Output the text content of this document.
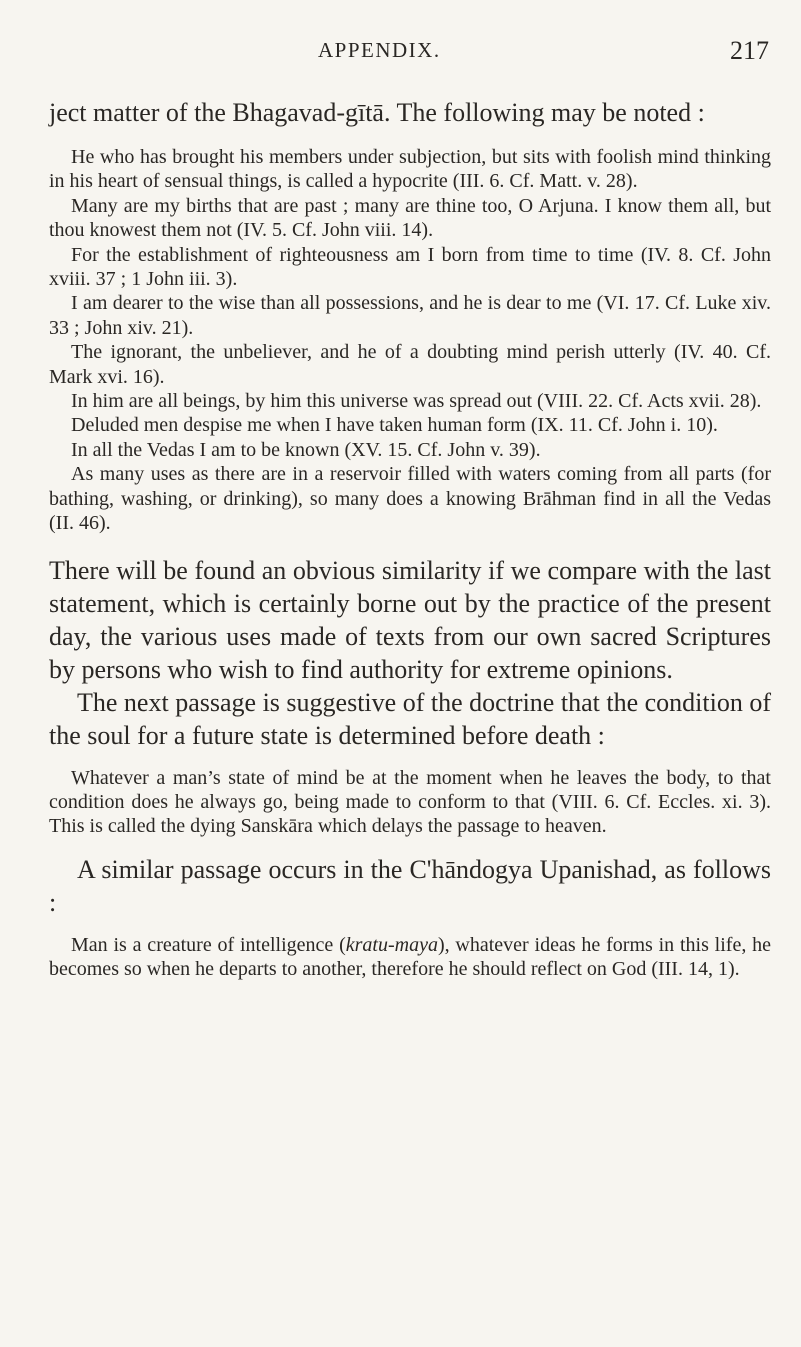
APPENDIX.	217

ject matter of the Bhagavad-gītā. The following may be noted :

He who has brought his members under subjection, but sits with foolish mind thinking in his heart of sensual things, is called a hypocrite (III. 6. Cf. Matt. v. 28).

Many are my births that are past ; many are thine too, O Arjuna. I know them all, but thou knowest them not (IV. 5. Cf. John viii. 14).

For the establishment of righteousness am I born from time to time (IV. 8. Cf. John xviii. 37 ; 1 John iii. 3).

I am dearer to the wise than all possessions, and he is dear to me (VI. 17. Cf. Luke xiv. 33 ; John xiv. 21).

The ignorant, the unbeliever, and he of a doubting mind perish utterly (IV. 40. Cf. Mark xvi. 16).

In him are all beings, by him this universe was spread out (VIII. 22. Cf. Acts xvii. 28).

Deluded men despise me when I have taken human form (IX. 11. Cf. John i. 10).

In all the Vedas I am to be known (XV. 15. Cf. John v. 39).

As many uses as there are in a reservoir filled with waters coming from all parts (for bathing, washing, or drinking), so many does a knowing Brāhman find in all the Vedas (II. 46).

There will be found an obvious similarity if we compare with the last statement, which is certainly borne out by the practice of the present day, the various uses made of texts from our own sacred Scriptures by persons who wish to find authority for extreme opinions.

The next passage is suggestive of the doctrine that the condition of the soul for a future state is determined before death :

Whatever a man’s state of mind be at the moment when he leaves the body, to that condition does he always go, being made to conform to that (VIII. 6. Cf. Eccles. xi. 3). This is called the dying Sanskāra which delays the passage to heaven.

A similar passage occurs in the C'hāndogya Upanishad, as follows :

Man is a creature of intelligence (kratu-maya), whatever ideas he forms in this life, he becomes so when he departs to another, therefore he should reflect on God (III. 14, 1).
